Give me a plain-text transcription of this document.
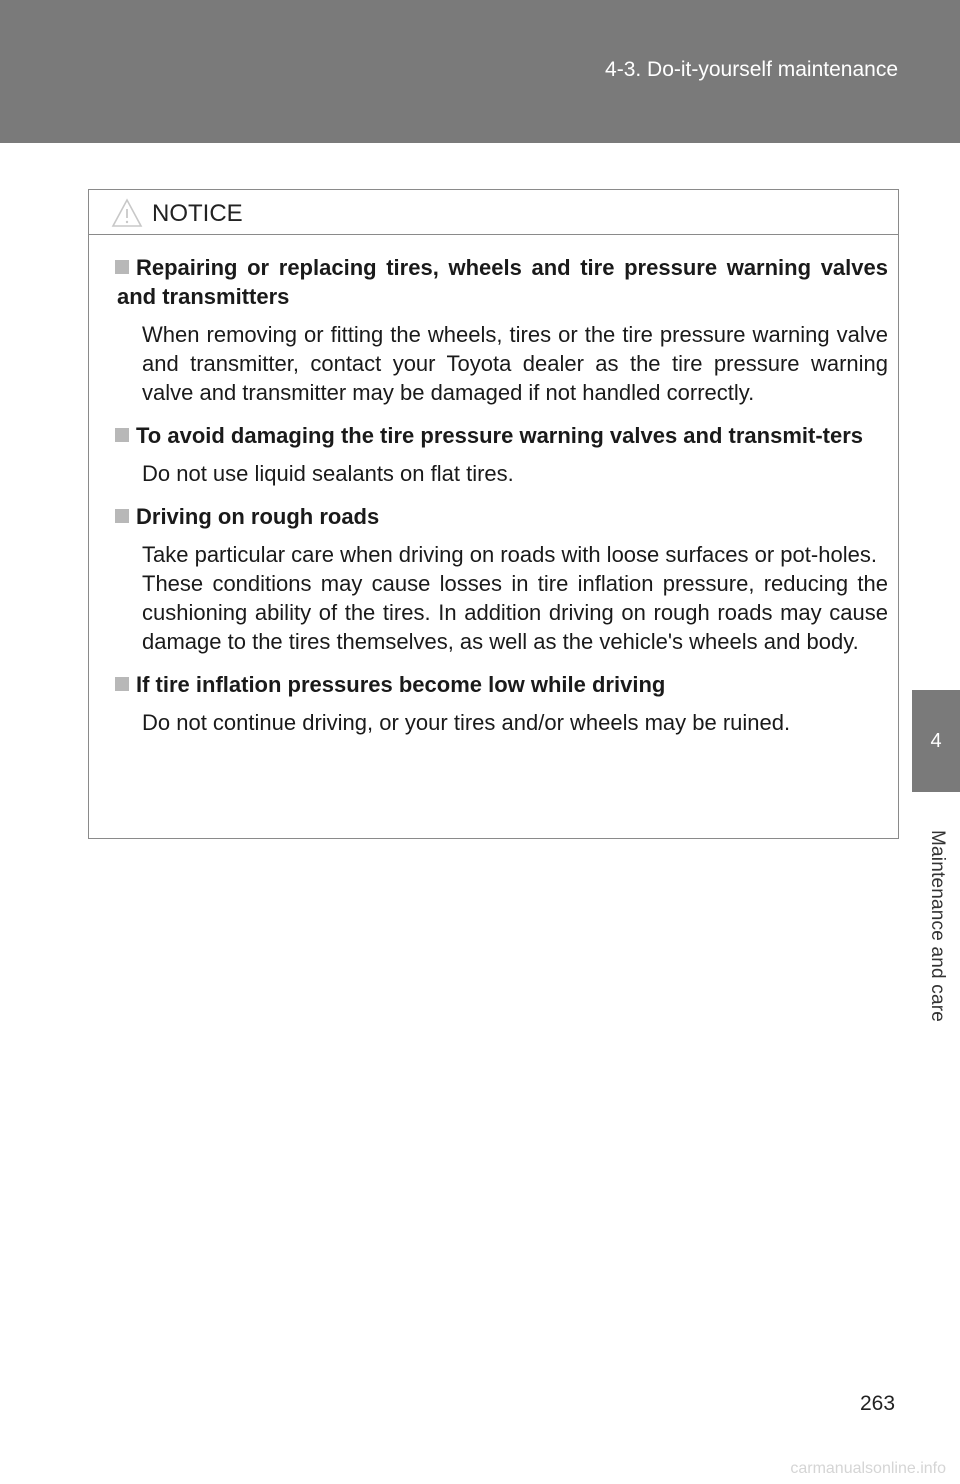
4-3. Do-it-yourself maintenance
4
Maintenance and care
NOTICE
Repairing or replacing tires, wheels and tire pressure warning valves and transmitters
When removing or fitting the wheels, tires or the tire pressure warning valve and transmitter, contact your Toyota dealer as the tire pressure warning valve and transmitter may be damaged if not handled correctly.
To avoid damaging the tire pressure warning valves and transmit-ters
Do not use liquid sealants on flat tires.
Driving on rough roads
Take particular care when driving on roads with loose surfaces or pot-holes.
These conditions may cause losses in tire inflation pressure, reducing the cushioning ability of the tires. In addition driving on rough roads may cause damage to the tires themselves, as well as the vehicle's wheels and body.
If tire inflation pressures become low while driving
Do not continue driving, or your tires and/or wheels may be ruined.
263
carmanualsonline.info
